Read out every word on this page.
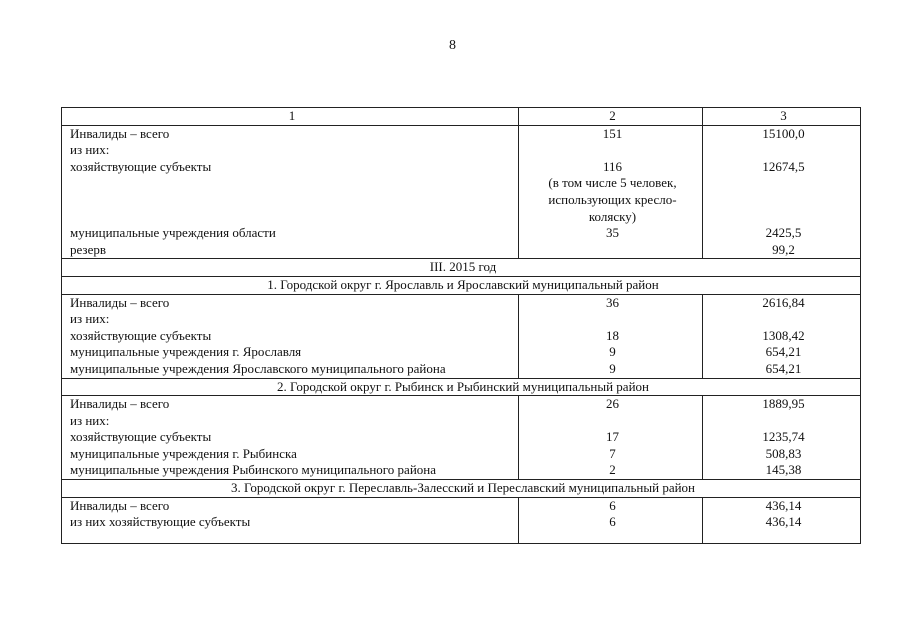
8
1	2	3
Инвалиды – всего	151	15100,0
из них:		
хозяйствующие субъекты	116	12674,5
	(в том числе 5 человек,	
	использующих кресло-	
	коляску)	
муниципальные учреждения области	35	2425,5
резерв		99,2
III. 2015 год		
1. Городской округ г. Ярославль и Ярославский муниципальный район		
Инвалиды – всего	36	2616,84
из них:		
хозяйствующие субъекты	18	1308,42
муниципальные учреждения г. Ярославля	9	654,21
муниципальные учреждения Ярославского муниципального района	9	654,21
2. Городской округ г. Рыбинск и Рыбинский муниципальный район		
Инвалиды – всего	26	1889,95
из них:		
хозяйствующие субъекты	17	1235,74
муниципальные учреждения г. Рыбинска	7	508,83
муниципальные учреждения Рыбинского муниципального района	2	145,38
3. Городской округ г. Переславль-Залесский и Переславский муниципальный район		
Инвалиды – всего	6	436,14
из них хозяйствующие субъекты	6	436,14
